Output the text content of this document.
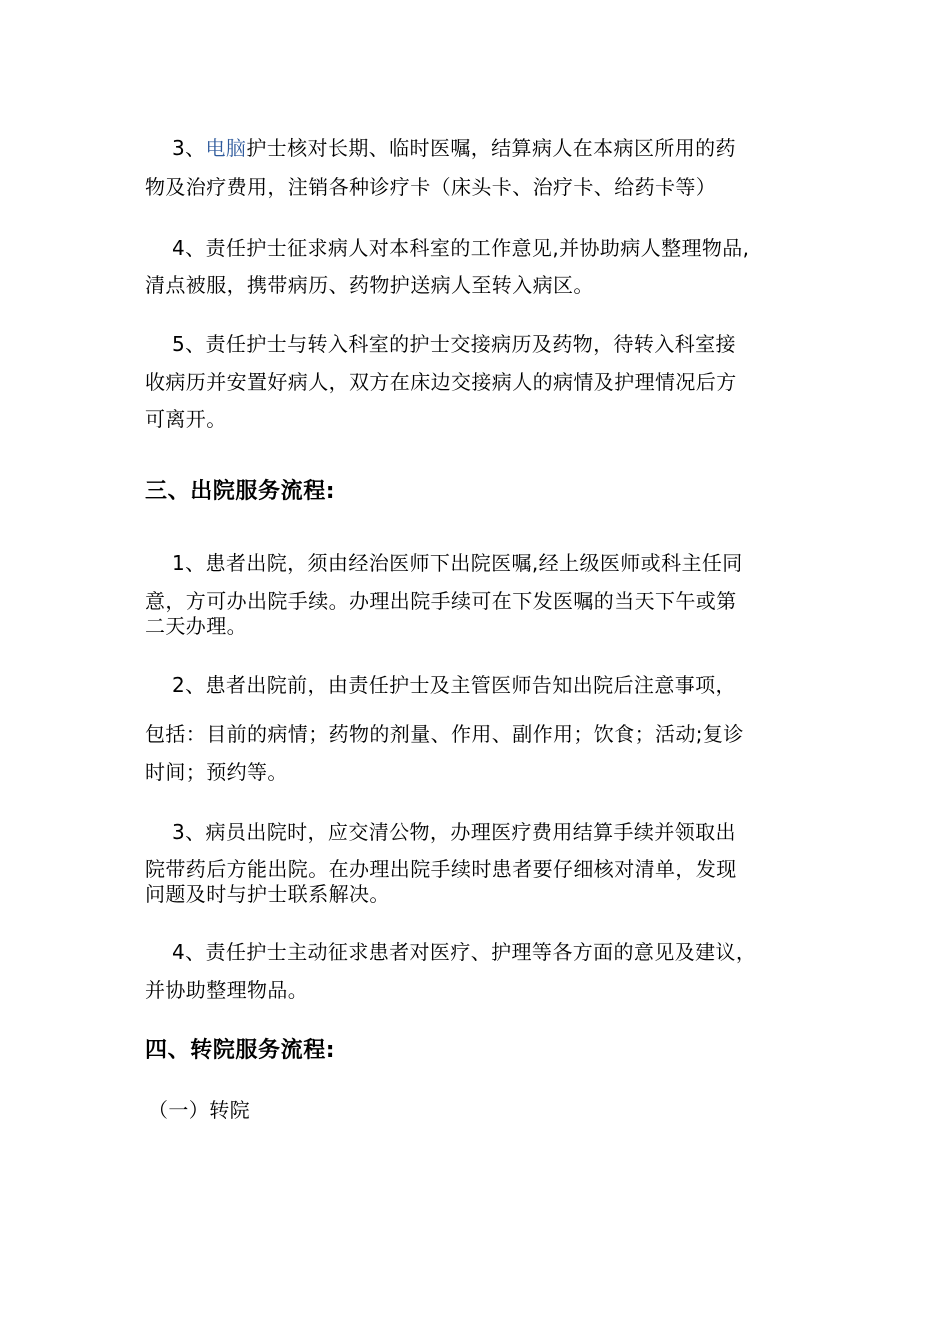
3、电脑护士核对长期、临时医嘱，结算病人在本病区所用的药
物及治疗费用，注销各种诊疗卡（床头卡、治疗卡、给药卡等）
4、责任护士征求病人对本科室的工作意见,并协助病人整理物品,
清点被服，携带病历、药物护送病人至转入病区。
5、责任护士与转入科室的护士交接病历及药物，待转入科室接
收病历并安置好病人，双方在床边交接病人的病情及护理情况后方
可离开。
三、出院服务流程:
1、患者出院，须由经治医师下出院医嘱,经上级医师或科主任同
意，方可办出院手续。办理出院手续可在下发医嘱的当天下午或第
二天办理。
2、患者出院前，由责任护士及主管医师告知出院后注意事项，
包括：目前的病情；药物的剂量、作用、副作用；饮食；活动;复诊
时间；预约等。
3、病员出院时，应交清公物，办理医疗费用结算手续并领取出
院带药后方能出院。在办理出院手续时患者要仔细核对清单，发现
问题及时与护士联系解决。
4、责任护士主动征求患者对医疗、护理等各方面的意见及建议，
并协助整理物品。
四、转院服务流程:
（一）转院
